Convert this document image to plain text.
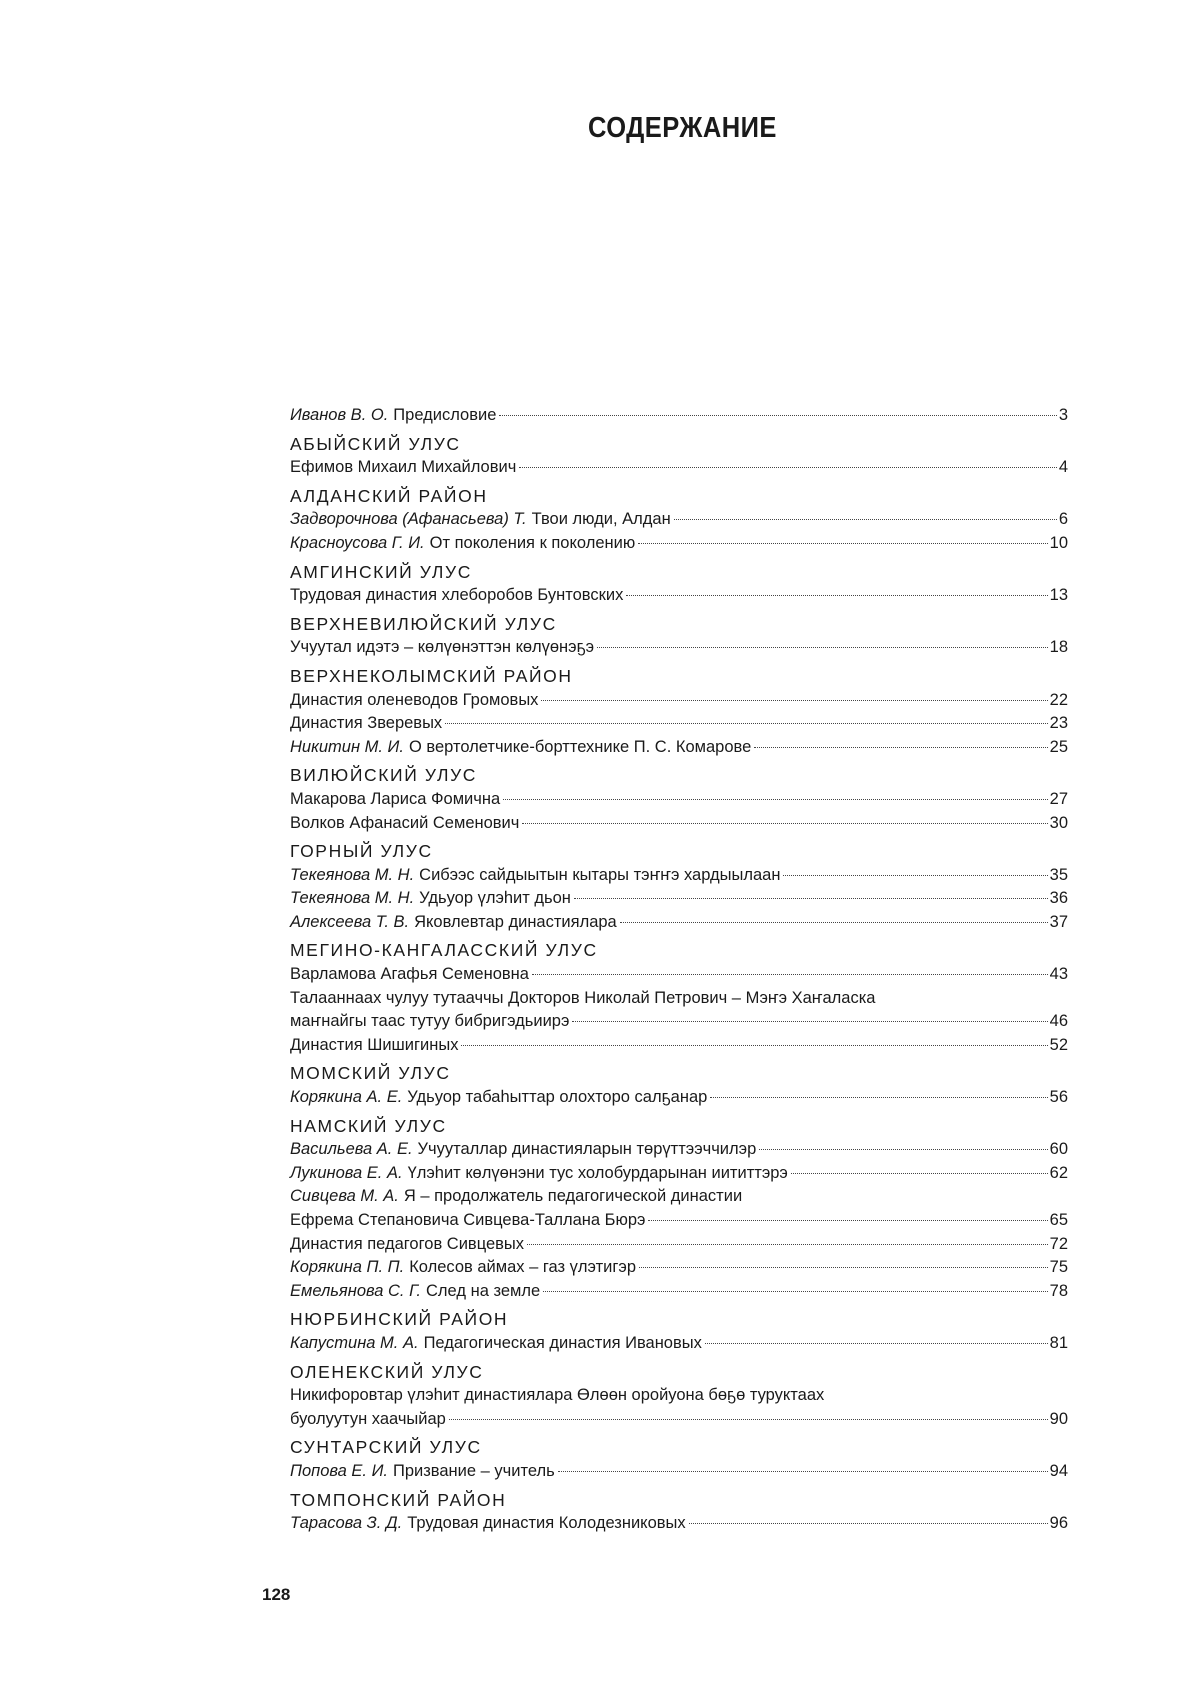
СОДЕРЖАНИЕ
Иванов В. О. Предисловие	3
АБЫЙСКИЙ УЛУС
Ефимов Михаил Михайлович	4
АЛДАНСКИЙ РАЙОН
Задворочнова (Афанасьева) Т. Твои люди, Алдан	6
Красноусова Г. И. От поколения к поколению	10
АМГИНСКИЙ УЛУС
Трудовая династия хлеборобов Бунтовских	13
ВЕРХНЕВИЛЮЙСКИЙ УЛУС
Учуутал идэтэ – көлүөнэттэн көлүөнэҕэ	18
ВЕРХНЕКОЛЫМСКИЙ РАЙОН
Династия оленеводов Громовых	22
Династия Зверевых	23
Никитин М. И. О вертолетчике-борттехнике П. С. Комарове	25
ВИЛЮЙСКИЙ УЛУС
Макарова Лариса Фомична	27
Волков Афанасий Семенович	30
ГОРНЫЙ УЛУС
Текеянова М. Н. Сибээс сайдыытын кытары тэҥҥэ хардыылаан	35
Текеянова М. Н. Удьуор үлэһит дьон	36
Алексеева Т. В. Яковлевтар династиялара	37
МЕГИНО-КАНГАЛАССКИЙ УЛУС
Варламова Агафья Семеновна	43
Талааннаах чулуу тутааччы Докторов Николай Петрович – Мэҥэ Хаҥаласка
маҥнайгы таас тутуу бибригэдьиирэ	46
Династия Шишигиных	52
МОМСКИЙ УЛУС
Корякина А. Е. Удьуор табаһыттар олохторо салҕанар	56
НАМСКИЙ УЛУС
Васильева А. Е. Учууталлар династияларын төрүттээччилэр	60
Лукинова Е. А. Үлэһит көлүөнэни тус холобурдарынан иититтэрэ	62
Сивцева М. А. Я – продолжатель педагогической династии
Ефрема Степановича Сивцева-Таллана Бюрэ	65
Династия педагогов Сивцевых	72
Корякина П. П. Колесов аймах – газ үлэтигэр	75
Емельянова С. Г. След на земле	78
НЮРБИНСКИЙ РАЙОН
Капустина М. А. Педагогическая династия Ивановых	81
ОЛЕНЕКСКИЙ УЛУС
Никифоровтар үлэһит династиялара Өлөөн оройуона бөҕө туруктаах
буолуутун хаачыйар	90
СУНТАРСКИЙ УЛУС
Попова Е. И. Призвание – учитель	94
ТОМПОНСКИЙ РАЙОН
Тарасова З. Д. Трудовая династия Колодезниковых	96
128
